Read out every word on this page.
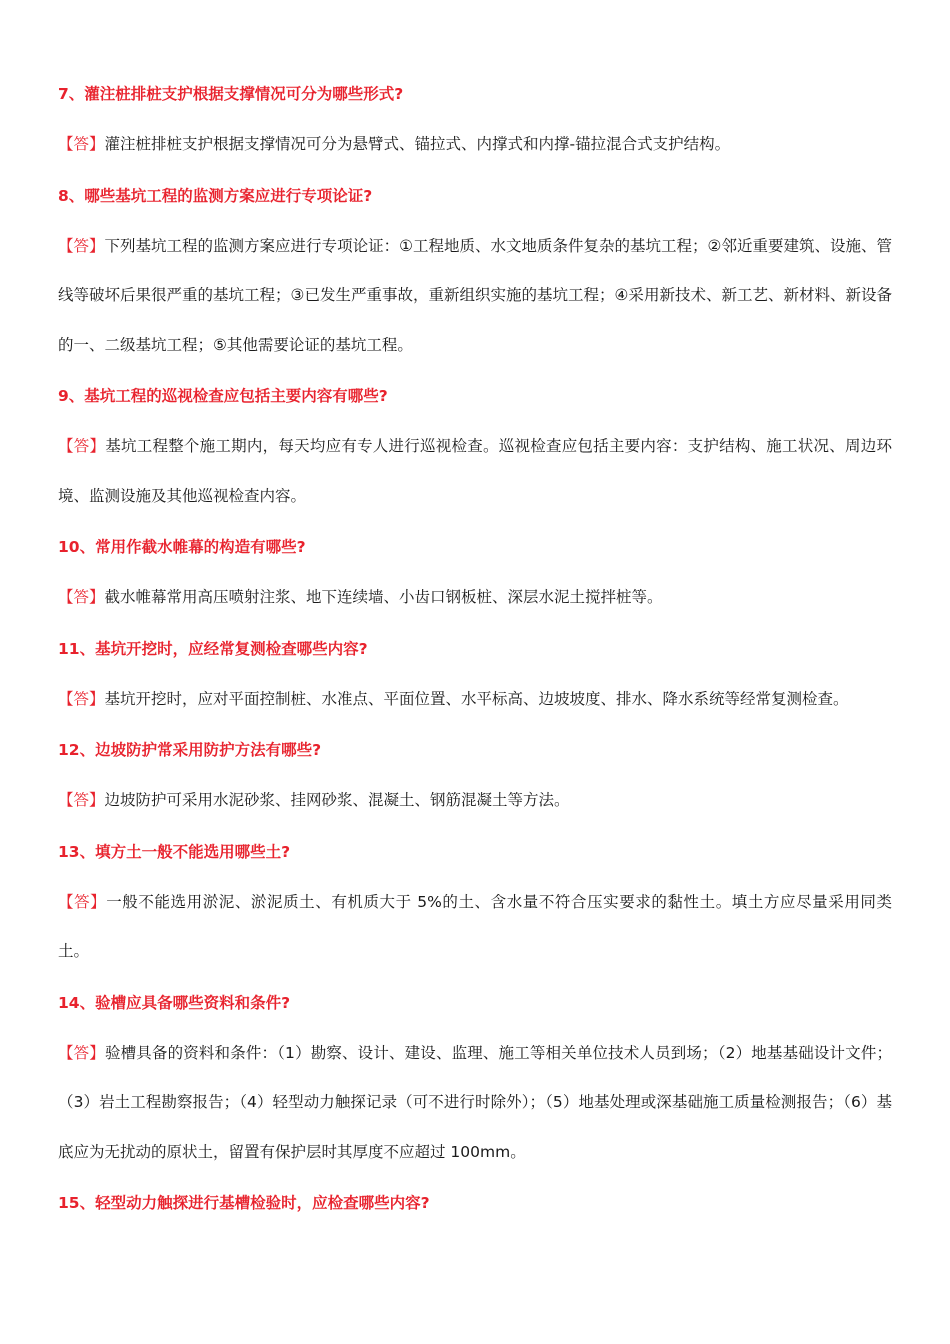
7、灌注桩排桩支护根据支撑情况可分为哪些形式?

【答】灌注桩排桩支护根据支撑情况可分为悬臂式、锚拉式、内撑式和内撑-锚拉混合式支护结构。

8、哪些基坑工程的监测方案应进行专项论证?

【答】下列基坑工程的监测方案应进行专项论证：①工程地质、水文地质条件复杂的基坑工程；②邻近重要建筑、设施、管线等破坏后果很严重的基坑工程；③已发生严重事故，重新组织实施的基坑工程；④采用新技术、新工艺、新材料、新设备的一、二级基坑工程；⑤其他需要论证的基坑工程。

9、基坑工程的巡视检查应包括主要内容有哪些?

【答】基坑工程整个施工期内，每天均应有专人进行巡视检查。巡视检查应包括主要内容：支护结构、施工状况、周边环境、监测设施及其他巡视检查内容。

10、常用作截水帷幕的构造有哪些?

【答】截水帷幕常用高压喷射注浆、地下连续墙、小齿口钢板桩、深层水泥土搅拌桩等。

11、基坑开挖时，应经常复测检查哪些内容?

【答】基坑开挖时，应对平面控制桩、水准点、平面位置、水平标高、边坡坡度、排水、降水系统等经常复测检查。

12、边坡防护常采用防护方法有哪些?

【答】边坡防护可采用水泥砂浆、挂网砂浆、混凝土、钢筋混凝土等方法。

13、填方土一般不能选用哪些土?

【答】一般不能选用淤泥、淤泥质土、有机质大于 5%的土、含水量不符合压实要求的黏性土。填土方应尽量采用同类土。

14、验槽应具备哪些资料和条件?

【答】验槽具备的资料和条件：（1）勘察、设计、建设、监理、施工等相关单位技术人员到场；（2）地基基础设计文件；（3）岩土工程勘察报告；（4）轻型动力触探记录（可不进行时除外）；（5）地基处理或深基础施工质量检测报告；（6）基底应为无扰动的原状土，留置有保护层时其厚度不应超过 100mm。

15、轻型动力触探进行基槽检验时，应检查哪些内容?
